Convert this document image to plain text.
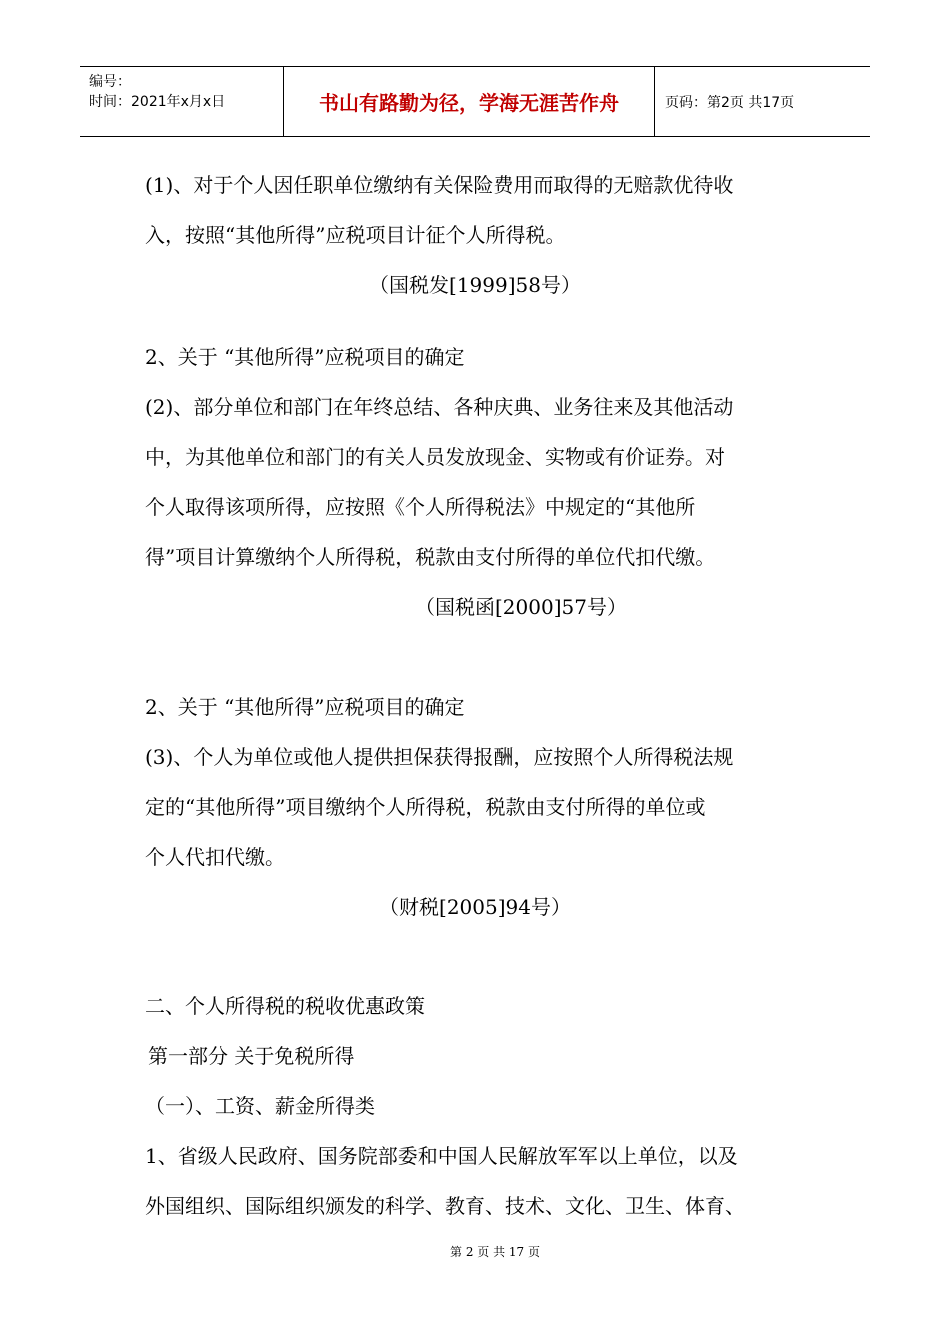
编号：
时间：2021年x月x日	书山有路勤为径，学海无涯苦作舟	页码：第2页 共17页
(1)、对于个人因任职单位缴纳有关保险费用而取得的无赔款优待收
入，按照“其他所得”应税项目计征个人所得税。
（国税发[1999]58号）
2、关于 “其他所得”应税项目的确定
(2)、部分单位和部门在年终总结、各种庆典、业务往来及其他活动
中，为其他单位和部门的有关人员发放现金、实物或有价证券。对
个人取得该项所得，应按照《个人所得税法》中规定的“其他所
得”项目计算缴纳个人所得税，税款由支付所得的单位代扣代缴。
（国税函[2000]57号）
2、关于 “其他所得”应税项目的确定
(3)、个人为单位或他人提供担保获得报酬，应按照个人所得税法规
定的“其他所得”项目缴纳个人所得税，税款由支付所得的单位或
个人代扣代缴。
（财税[2005]94号）
二、个人所得税的税收优惠政策
第一部分 关于免税所得
（一）、工资、薪金所得类
1、省级人民政府、国务院部委和中国人民解放军军以上单位，以及
外国组织、国际组织颁发的科学、教育、技术、文化、卫生、体育、
第 2 页 共 17 页
